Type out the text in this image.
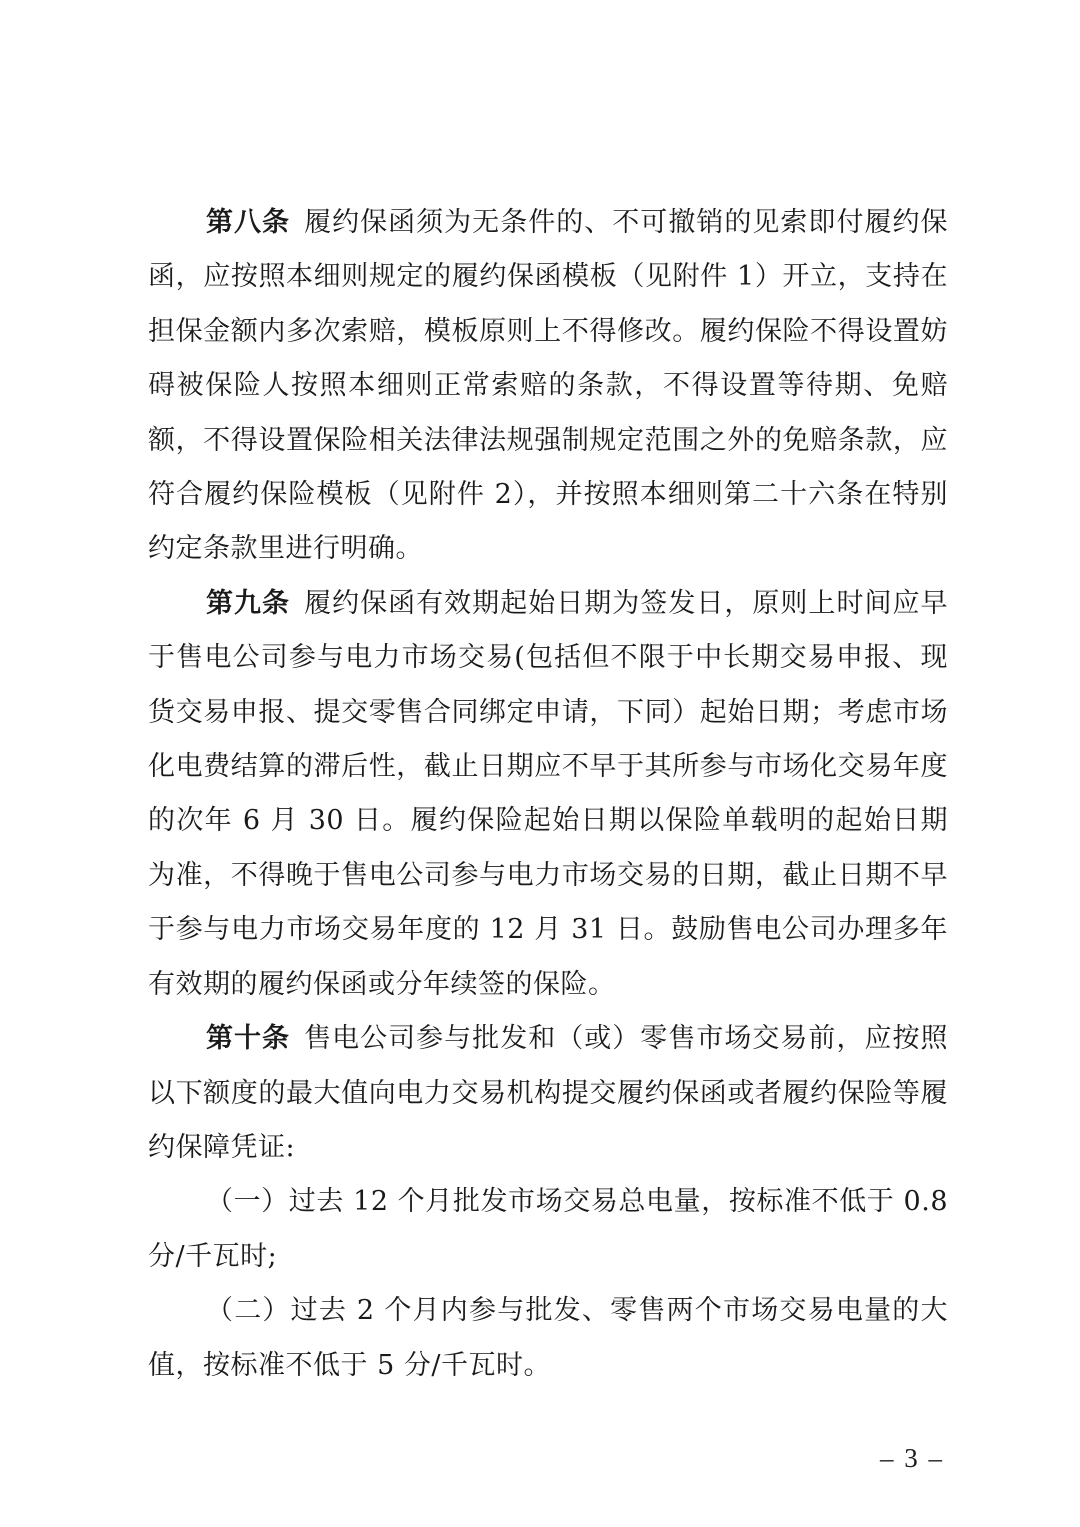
第八条 履约保函须为无条件的、不可撤销的见索即付履约保函，应按照本细则规定的履约保函模板（见附件 1）开立，支持在担保金额内多次索赔，模板原则上不得修改。履约保险不得设置妨碍被保险人按照本细则正常索赔的条款，不得设置等待期、免赔额，不得设置保险相关法律法规强制规定范围之外的免赔条款，应符合履约保险模板（见附件 2），并按照本细则第二十六条在特别约定条款里进行明确。

第九条 履约保函有效期起始日期为签发日，原则上时间应早于售电公司参与电力市场交易(包括但不限于中长期交易申报、现货交易申报、提交零售合同绑定申请，下同）起始日期；考虑市场化电费结算的滞后性，截止日期应不早于其所参与市场化交易年度的次年 6 月 30 日。履约保险起始日期以保险单载明的起始日期为准，不得晚于售电公司参与电力市场交易的日期，截止日期不早于参与电力市场交易年度的 12 月 31 日。鼓励售电公司办理多年有效期的履约保函或分年续签的保险。

第十条 售电公司参与批发和（或）零售市场交易前，应按照以下额度的最大值向电力交易机构提交履约保函或者履约保险等履约保障凭证:

（一）过去 12 个月批发市场交易总电量，按标准不低于 0.8 分/千瓦时;

（二）过去 2 个月内参与批发、零售两个市场交易电量的大值，按标准不低于 5 分/千瓦时。

– 3 –
